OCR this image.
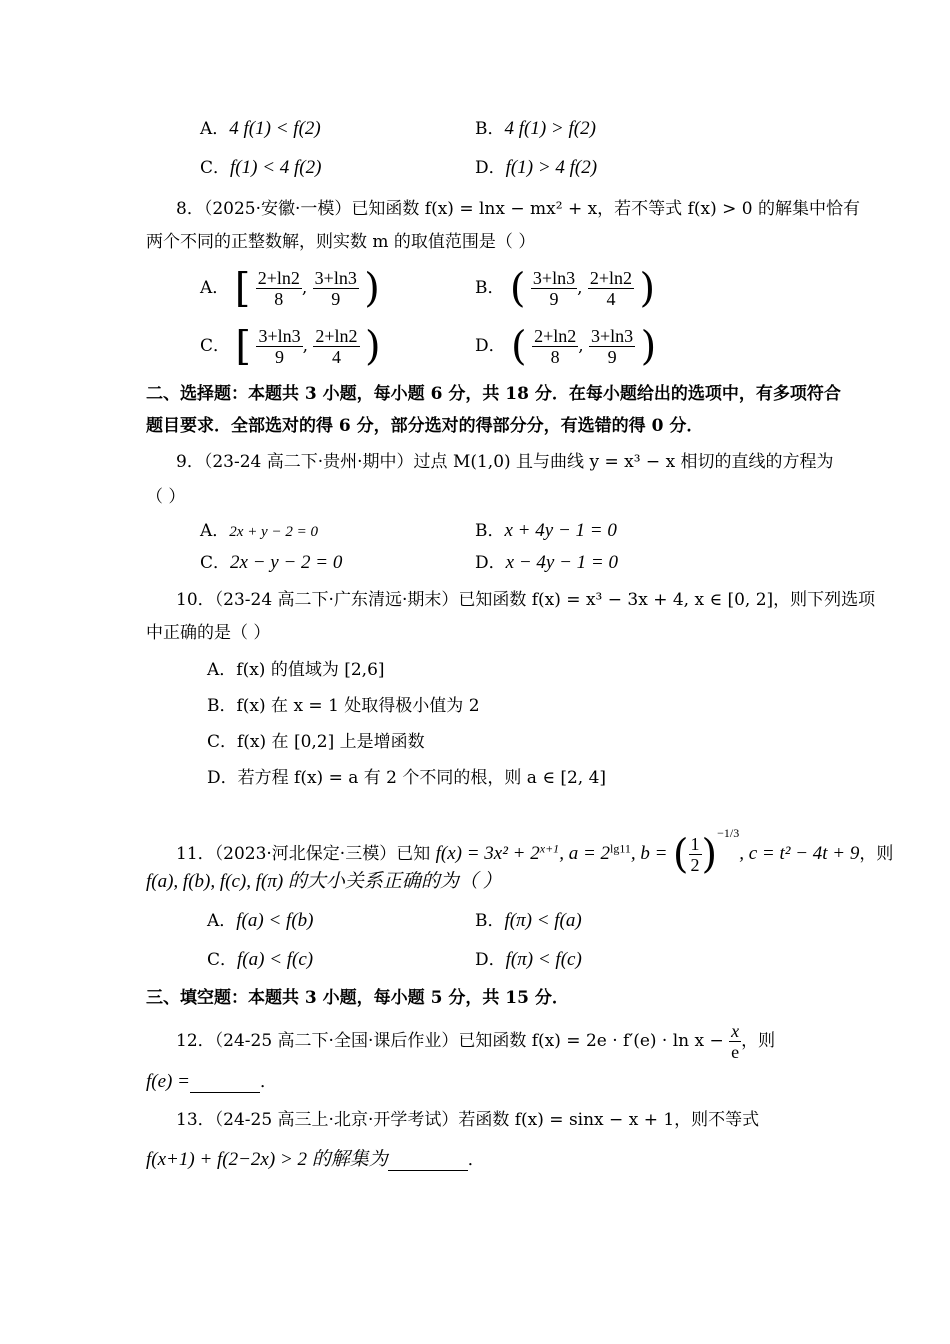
A．4 f(1) < f(2)	B．4 f(1) > f(2)
C．f(1) < 4 f(2)	D．f(1) > 4 f(2)
8．（2025·安徽·一模）已知函数 f(x) = lnx − mx² + x，若不等式 f(x) > 0 的解集中恰有
两个不同的正整数解，则实数 m 的取值范围是（ ）
A． [ $\frac{2+\ln 2}{8}$ , $\frac{3+\ln 3}{9}$ )	B． ( $\frac{3+\ln 3}{9}$ , $\frac{2+\ln 2}{4}$ )
C． [ $\frac{3+\ln 3}{9}$ , $\frac{2+\ln 2}{4}$ )	D． ( $\frac{2+\ln 2}{8}$ , $\frac{3+\ln 3}{9}$ )
二、选择题：本题共 3 小题，每小题 6 分，共 18 分．在每小题给出的选项中，有多项符合
题目要求．全部选对的得 6 分，部分选对的得部分分，有选错的得 0 分．
9．（23-24 高二下·贵州·期中）过点 M(1,0) 且与曲线 y = x³ − x 相切的直线的方程为
（ ）
A．2x + y − 2 = 0	B．x + 4y − 1 = 0
C．2x − y − 2 = 0	D．x − 4y − 1 = 0
10．（23-24 高二下·广东清远·期末）已知函数 f(x) = x³ − 3x + 4, x ∈ [0, 2]，则下列选项
中正确的是（ ）
A．f(x) 的值域为 [2,6]
B．f(x) 在 x = 1 处取得极小值为 2
C．f(x) 在 [0,2] 上是增函数
D．若方程 f(x) = a 有 2 个不同的根，则 a ∈ [2, 4]
11．（2023·河北保定·三模）已知 $f(x) = 3x^2 + 2^{x+1}$, $a = 2^{lg11}$, b = ( $\frac{1}{2} )^{-1/3}$, c = t² − 4t + 9，则
f(a), f(b), f(c), f(π) 的大小关系正确的为（ ）
A．f(a) < f(b)	B．f(π) < f(a)
C．f(a) < f(c)	D．f(π) < f(c)
三、填空题：本题共 3 小题，每小题 5 分，共 15 分．
12．（24-25 高二下·全国·课后作业）已知函数 $f(x) = 2e \cdot f'(e) \cdot \ln x - \frac{x}{e}$ ，则
f(e) =	．
13．（24-25 高三上·北京·开学考试）若函数 f(x) = sinx − x + 1，则不等式
f(x+1) + f(2−2x) > 2 的解集为	．
